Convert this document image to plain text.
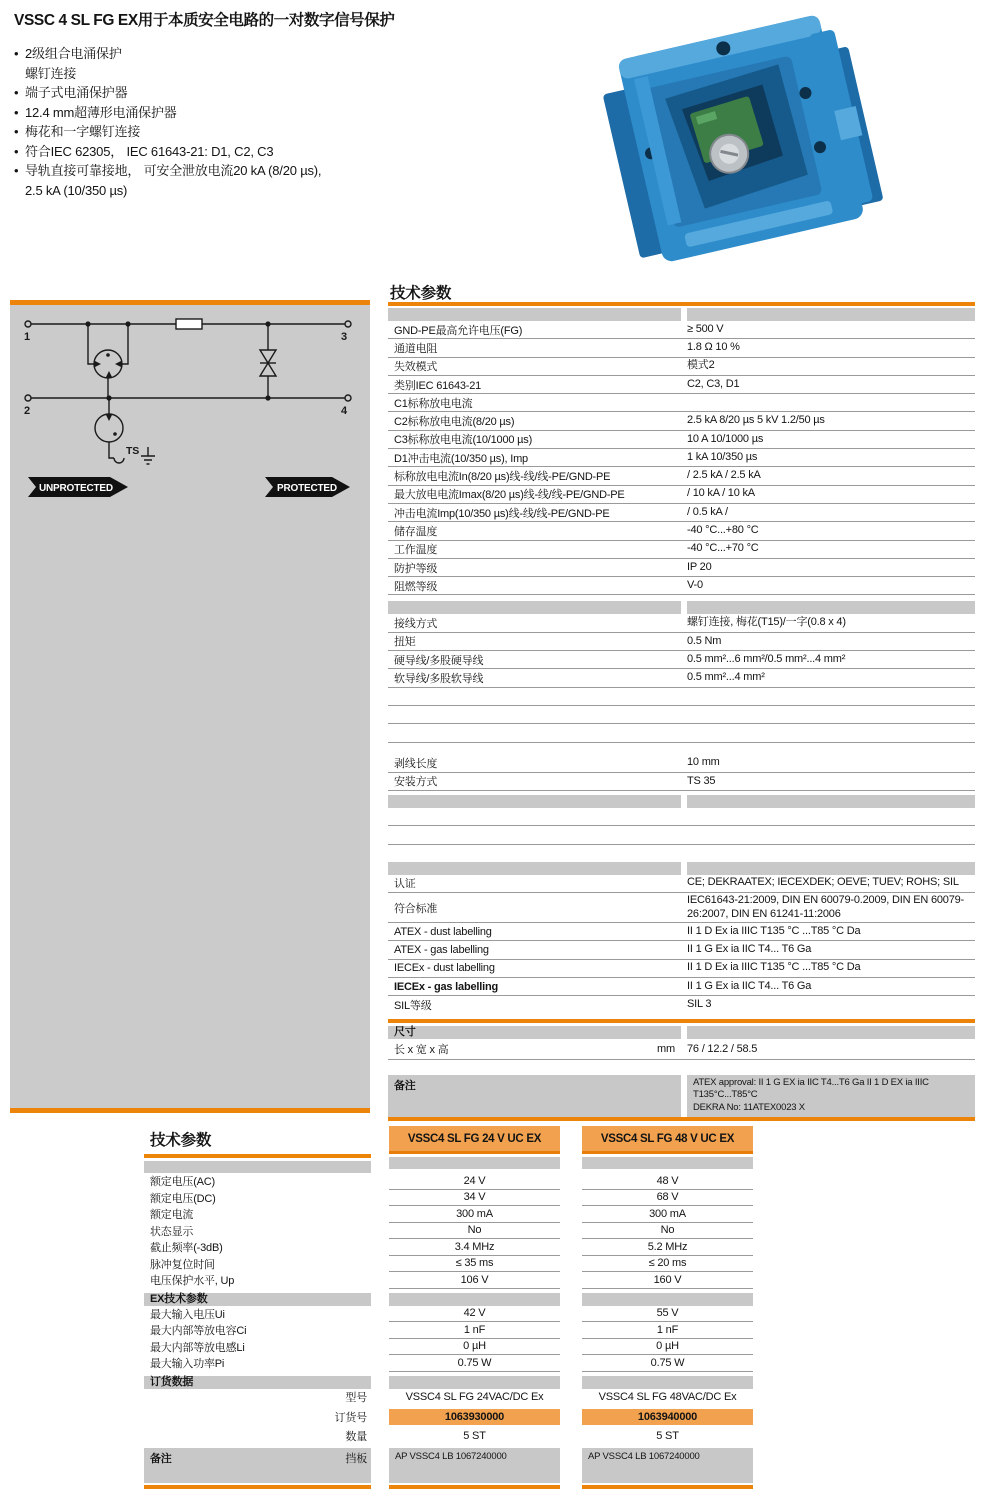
VSSC 4 SL FG EX用于本质安全电路的一对数字信号保护
• 2级组合电涌保护
螺钉连接
• 端子式电涌保护器
• 12.4 mm超薄形电涌保护器
• 梅花和一字螺钉连接
• 符合IEC 62305， IEC 61643-21: D1, C2, C3
• 导轨直接可靠接地， 可安全泄放电流20 kA (8/20 µs),
2.5 kA (10/350 µs)
1	3
2	4
TS
UNPROTECTED	PROTECTED
技术参数
GND-PE最高允许电压(FG)	≥ 500 V
通道电阻	1.8 Ω 10 %
失效模式	模式2
类别IEC 61643-21	C2, C3, D1
C1标称放电电流
C2标称放电电流(8/20 µs)	2.5 kA 8/20 µs 5 kV 1.2/50 µs
C3标称放电电流(10/1000 µs)	10 A 10/1000 µs
D1冲击电流(10/350 µs), Imp	1 kA 10/350 µs
标称放电电流In(8/20 µs)线-线/线-PE/GND-PE	/ 2.5 kA / 2.5 kA
最大放电电流Imax(8/20 µs)线-线/线-PE/GND-PE	/ 10 kA / 10 kA
冲击电流Imp(10/350 µs)线-线/线-PE/GND-PE	/ 0.5 kA /
储存温度	-40 °C...+80 °C
工作温度	-40 °C...+70 °C
防护等级	IP 20
阻燃等级	V-0
接线方式	螺钉连接, 梅花(T15)/一字(0.8 x 4)
扭矩	0.5 Nm
硬导线/多股硬导线	0.5 mm²...6 mm²/0.5 mm²...4 mm²
软导线/多股软导线	0.5 mm²...4 mm²
剥线长度	10 mm
安装方式	TS 35
认证	CE; DEKRAATEX; IECEXDEK; OEVE; TUEV; ROHS; SIL
符合标准
IEC61643-21:2009, DIN EN 60079-0.2009, DIN EN 60079-26:2007, DIN EN 61241-11:2006
ATEX - dust labelling	II 1 D Ex ia IIIC T135 °C ...T85 °C Da
ATEX - gas labelling	II 1 G Ex ia IIC T4... T6 Ga
IECEx - dust labelling	II 1 D Ex ia IIIC T135 °C ...T85 °C Da
IECEx - gas labelling	II 1 G Ex ia IIC T4... T6 Ga
SIL等级	SIL 3
尺寸
长 x 宽 x 高	mm	76 / 12.2 / 58.5
备注	ATEX approval: II 1 G EX ia IIC T4...T6 Ga II 1 D EX ia IIIC T135°C...T85°C
DEKRA No: 11ATEX0023 X
技术参数	VSSC4 SL FG 24 V UC EX	VSSC4 SL FG 48 V UC EX
额定电压(AC)	24 V	48 V
额定电压(DC)	34 V	68 V
额定电流	300 mA	300 mA
状态显示	No	No
截止频率(-3dB)	3.4 MHz	5.2 MHz
脉冲复位时间	≤ 35 ms	≤ 20 ms
电压保护水平, Up	106 V	160 V
EX技术参数
最大输入电压Ui	42 V	55 V
最大内部等放电容Ci	1 nF	1 nF
最大内部等放电感Li	0 µH	0 µH
最大输入功率Pi	0.75 W	0.75 W
订货数据
型号	VSSC4 SL FG 24VAC/DC Ex	VSSC4 SL FG 48VAC/DC Ex
订货号	1063930000	1063940000
数量	5 ST	5 ST
备注	挡板	AP VSSC4 LB 1067240000	AP VSSC4 LB 1067240000
